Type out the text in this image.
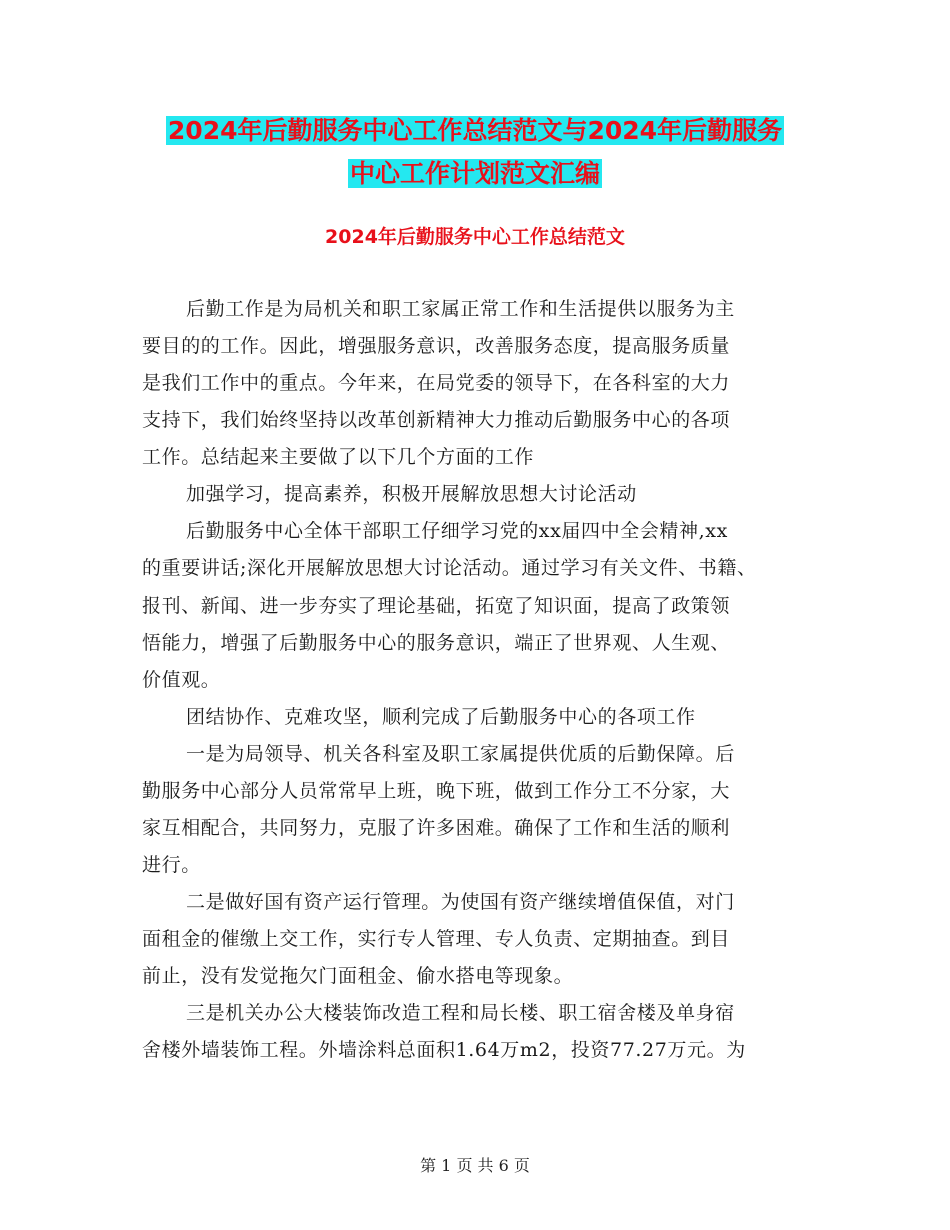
2024年后勤服务中心工作总结范文与2024年后勤服务
中心工作计划范文汇编
2024年后勤服务中心工作总结范文
后勤工作是为局机关和职工家属正常工作和生活提供以服务为主
要目的的工作。因此，增强服务意识，改善服务态度，提高服务质量
是我们工作中的重点。今年来，在局党委的领导下，在各科室的大力
支持下，我们始终坚持以改革创新精神大力推动后勤服务中心的各项
工作。总结起来主要做了以下几个方面的工作
加强学习，提高素养，积极开展解放思想大讨论活动
后勤服务中心全体干部职工仔细学习党的xx届四中全会精神,xx
的重要讲话;深化开展解放思想大讨论活动。通过学习有关文件、书籍、
报刊、新闻、进一步夯实了理论基础，拓宽了知识面，提高了政策领
悟能力，增强了后勤服务中心的服务意识，端正了世界观、人生观、
价值观。
团结协作、克难攻坚，顺利完成了后勤服务中心的各项工作
一是为局领导、机关各科室及职工家属提供优质的后勤保障。后
勤服务中心部分人员常常早上班，晚下班，做到工作分工不分家，大
家互相配合，共同努力，克服了许多困难。确保了工作和生活的顺利
进行。
二是做好国有资产运行管理。为使国有资产继续增值保值，对门
面租金的催缴上交工作，实行专人管理、专人负责、定期抽查。到目
前止，没有发觉拖欠门面租金、偷水搭电等现象。
三是机关办公大楼装饰改造工程和局长楼、职工宿舍楼及单身宿
舍楼外墙装饰工程。外墙涂料总面积1.64万m2，投资77.27万元。为
第 1 页 共 6 页
